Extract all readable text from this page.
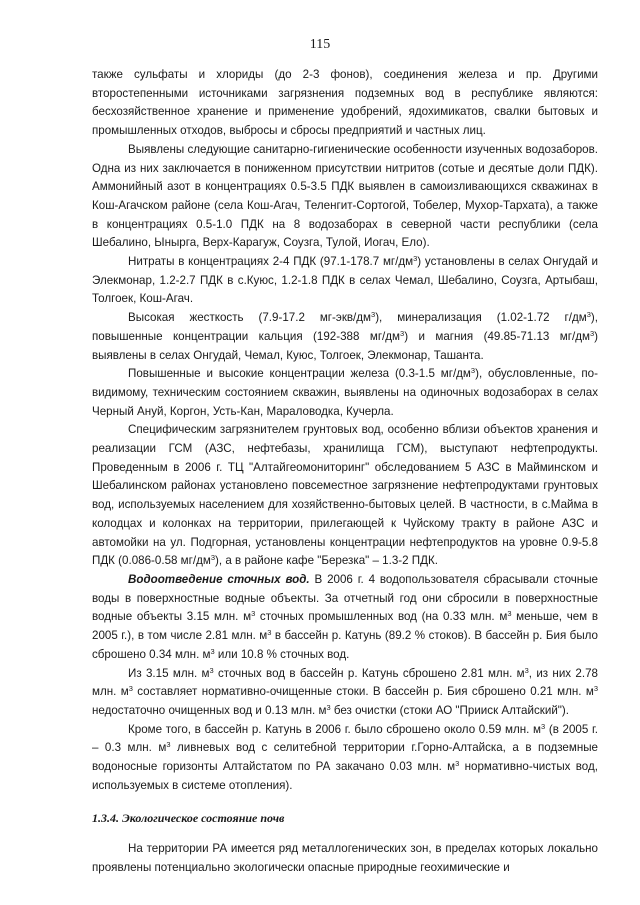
115

также сульфаты и хлориды (до 2-3 фонов), соединения железа и пр. Другими второстепенными источниками загрязнения подземных вод в республике являются: бесхозяйственное хранение и применение удобрений, ядохимикатов, свалки бытовых и промышленных отходов, выбросы и сбросы предприятий и частных лиц.

Выявлены следующие санитарно-гигиенические особенности изученных водозаборов. Одна из них заключается в пониженном присутствии нитритов (сотые и десятые доли ПДК). Аммонийный азот в концентрациях 0.5-3.5 ПДК выявлен в самоизливающихся скважинах в Кош-Агачском районе (села Кош-Агач, Теленгит-Сортогой, Тобелер, Мухор-Тархата), а также в концентрациях 0.5-1.0 ПДК на 8 водозаборах в северной части республики (села Шебалино, Ынырга, Верх-Карагуж, Соузга, Тулой, Иогач, Ело).

Нитраты в концентрациях 2-4 ПДК (97.1-178.7 $мг/дм^3$) установлены в селах Онгудай и Элекмонар, 1.2-2.7 ПДК в с.Куюс, 1.2-1.8 ПДК в селах Чемал, Шебалино, Соузга, Артыбаш, Толгоек, Кош-Агач.

Высокая жесткость (7.9-17.2 $мг-экв/дм^3$), минерализация (1.02-1.72 $г/дм^3$), повышенные концентрации кальция (192-388 $мг/дм^3$) и магния (49.85-71.13 $мг/дм^3$) выявлены в селах Онгудай, Чемал, Куюс, Толгоек, Элекмонар, Ташанта.

Повышенные и высокие концентрации железа (0.3-1.5 $мг/дм^3$), обусловленные, по-видимому, техническим состоянием скважин, выявлены на одиночных водозаборах в селах Черный Ануй, Коргон, Усть-Кан, Мараловодка, Кучерла.

Специфическим загрязнителем грунтовых вод, особенно вблизи объектов хранения и реализации ГСМ (АЗС, нефтебазы, хранилища ГСМ), выступают нефтепродукты. Проведенным в 2006 г. ТЦ "Алтайгеомониторинг" обследованием 5 АЗС в Майминском и Шебалинском районах установлено повсеместное загрязнение нефтепродуктами грунтовых вод, используемых населением для хозяйственно-бытовых целей. В частности, в с.Майма в колодцах и колонках на территории, прилегающей к Чуйскому тракту в районе АЗС и автомойки на ул. Подгорная, установлены концентрации нефтепродуктов на уровне 0.9-5.8 ПДК (0.086-0.58 $мг/дм^3$), а в районе кафе "Березка" – 1.3-2 ПДК.

Водоотведение сточных вод. В 2006 г. 4 водопользователя сбрасывали сточные воды в поверхностные водные объекты. За отчетный год они сбросили в поверхностные водные объекты 3.15 млн. $м^3$ сточных промышленных вод (на 0.33 млн. $м^3$ меньше, чем в 2005 г.), в том числе 2.81 млн. $м^3$ в бассейн р. Катунь (89.2 % стоков). В бассейн р. Бия было сброшено 0.34 млн. $м^3$ или 10.8 % сточных вод.

Из 3.15 млн. $м^3$ сточных вод в бассейн р. Катунь сброшено 2.81 млн. $м^3$, из них 2.78 млн. $м^3$ составляет нормативно-очищенные стоки. В бассейн р. Бия сброшено 0.21 млн. $м^3$ недостаточно очищенных вод и 0.13 млн. $м^3$ без очистки (стоки АО "Прииск Алтайский").

Кроме того, в бассейн р. Катунь в 2006 г. было сброшено около 0.59 млн. $м^3$ (в 2005 г. – 0.3 млн. $м^3$ ливневых вод с селитебной территории г.Горно-Алтайска, а в подземные водоносные горизонты Алтайстатом по РА закачано 0.03 млн. $м^3$ нормативно-чистых вод, используемых в системе отопления).

1.3.4. Экологическое состояние почв

На территории РА имеется ряд металлогенических зон, в пределах которых локально проявлены потенциально экологически опасные природные геохимические и
